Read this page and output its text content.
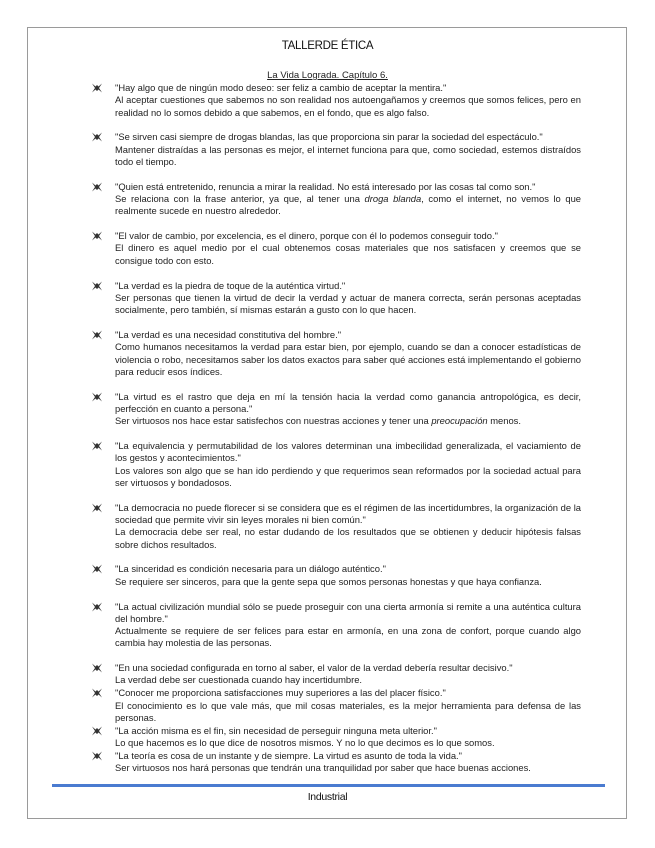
TALLERDE ÉTICA
La Vida Lograda. Capítulo 6.
"Hay algo que de ningún modo deseo: ser feliz a cambio de aceptar la mentira."
Al aceptar cuestiones que sabemos no son realidad nos autoengañamos y creemos que somos felices, pero en realidad no lo somos debido a que sabemos, en el fondo, que es algo falso.
"Se sirven casi siempre de drogas blandas, las que proporciona sin parar la sociedad del espectáculo."
Mantener distraídas a las personas es mejor, el internet funciona para que, como sociedad, estemos distraídos todo el tiempo.
"Quien está entretenido, renuncia a mirar la realidad. No está interesado por las cosas tal como son."
Se relaciona con la frase anterior, ya que, al tener una droga blanda, como el internet, no vemos lo que realmente sucede en nuestro alrededor.
"El valor de cambio, por excelencia, es el dinero, porque con él lo podemos conseguir todo."
El dinero es aquel medio por el cual obtenemos cosas materiales que nos satisfacen y creemos que se consigue todo con esto.
"La verdad es la piedra de toque de la auténtica virtud."
Ser personas que tienen la virtud de decir la verdad y actuar de manera correcta, serán personas aceptadas socialmente, pero también, sí mismas estarán a gusto con lo que hacen.
"La verdad es una necesidad constitutiva del hombre."
Como humanos necesitamos la verdad para estar bien, por ejemplo, cuando se dan a conocer estadísticas de violencia o robo, necesitamos saber los datos exactos para saber qué acciones está implementando el gobierno para reducir esos índices.
"La virtud es el rastro que deja en mí la tensión hacia la verdad como ganancia antropológica, es decir, perfección en cuanto a persona."
Ser virtuosos nos hace estar satisfechos con nuestras acciones y tener una preocupación menos.
"La equivalencia y permutabilidad de los valores determinan una imbecilidad generalizada, el vaciamiento de los gestos y acontecimientos."
Los valores son algo que se han ido perdiendo y que requerimos sean reformados por la sociedad actual para ser virtuosos y bondadosos.
"La democracia no puede florecer si se considera que es el régimen de las incertidumbres, la organización de la sociedad que permite vivir sin leyes morales ni bien común."
La democracia debe ser real, no estar dudando de los resultados que se obtienen y deducir hipótesis falsas sobre dichos resultados.
"La sinceridad es condición necesaria para un diálogo auténtico."
Se requiere ser sinceros, para que la gente sepa que somos personas honestas y que haya confianza.
"La actual civilización mundial sólo se puede proseguir con una cierta armonía si remite a una auténtica cultura del hombre."
Actualmente se requiere de ser felices para estar en armonía, en una zona de confort, porque cuando algo cambia hay molestia de las personas.
"En una sociedad configurada en torno al saber, el valor de la verdad debería resultar decisivo."
La verdad debe ser cuestionada cuando hay incertidumbre.
"Conocer me proporciona satisfacciones muy superiores a las del placer físico."
El conocimiento es lo que vale más, que mil cosas materiales, es la mejor herramienta para defensa de las personas.
"La acción misma es el fin, sin necesidad de perseguir ninguna meta ulterior."
Lo que hacemos es lo que dice de nosotros mismos. Y no lo que decimos es lo que somos.
"La teoría es cosa de un instante y de siempre. La virtud es asunto de toda la vida."
Ser virtuosos nos hará personas que tendrán una tranquilidad por saber que hace buenas acciones.
Industrial
